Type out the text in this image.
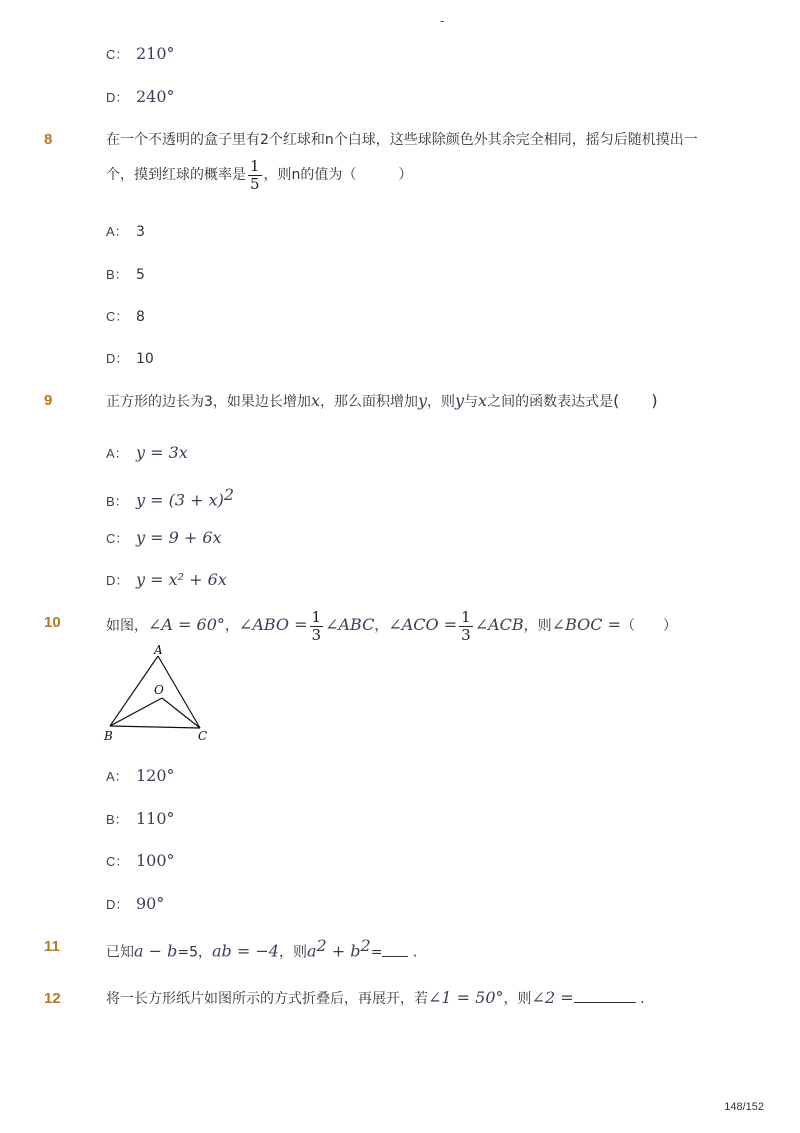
-
C： 210°
D： 240°
8	在一个不透明的盒子里有2个红球和n个白球，这些球除颜色外其余完全相同，摇匀后随机摸出一
个，摸到红球的概率是 $\frac{1}{5}$ ，则n的值为（　　　）
A： 3
B： 5
C： 8
D： 10
9	正方形的边长为3，如果边长增加x，那么面积增加y，则y与x之间的函数表达式是(　　)
A： y = 3x
B： $y = (3 + x)^2$
C： y = 9 + 6x
D： y = x² + 6x
10	如图，∠A = 60°，∠ABO = $\frac{1}{3}$ ∠ABC，∠ACO = $\frac{1}{3}$ ∠ACB，则∠BOC =（　　）
A
O
B	C
A： 120°
B： 110°
C： 100°
D： 90°
11	已知a − b=5，ab = −4，则$a^2 + b^2=$ .
12	将一长方形纸片如图所示的方式折叠后，再展开，若∠1 = 50°，则∠2 =	.
148/152
